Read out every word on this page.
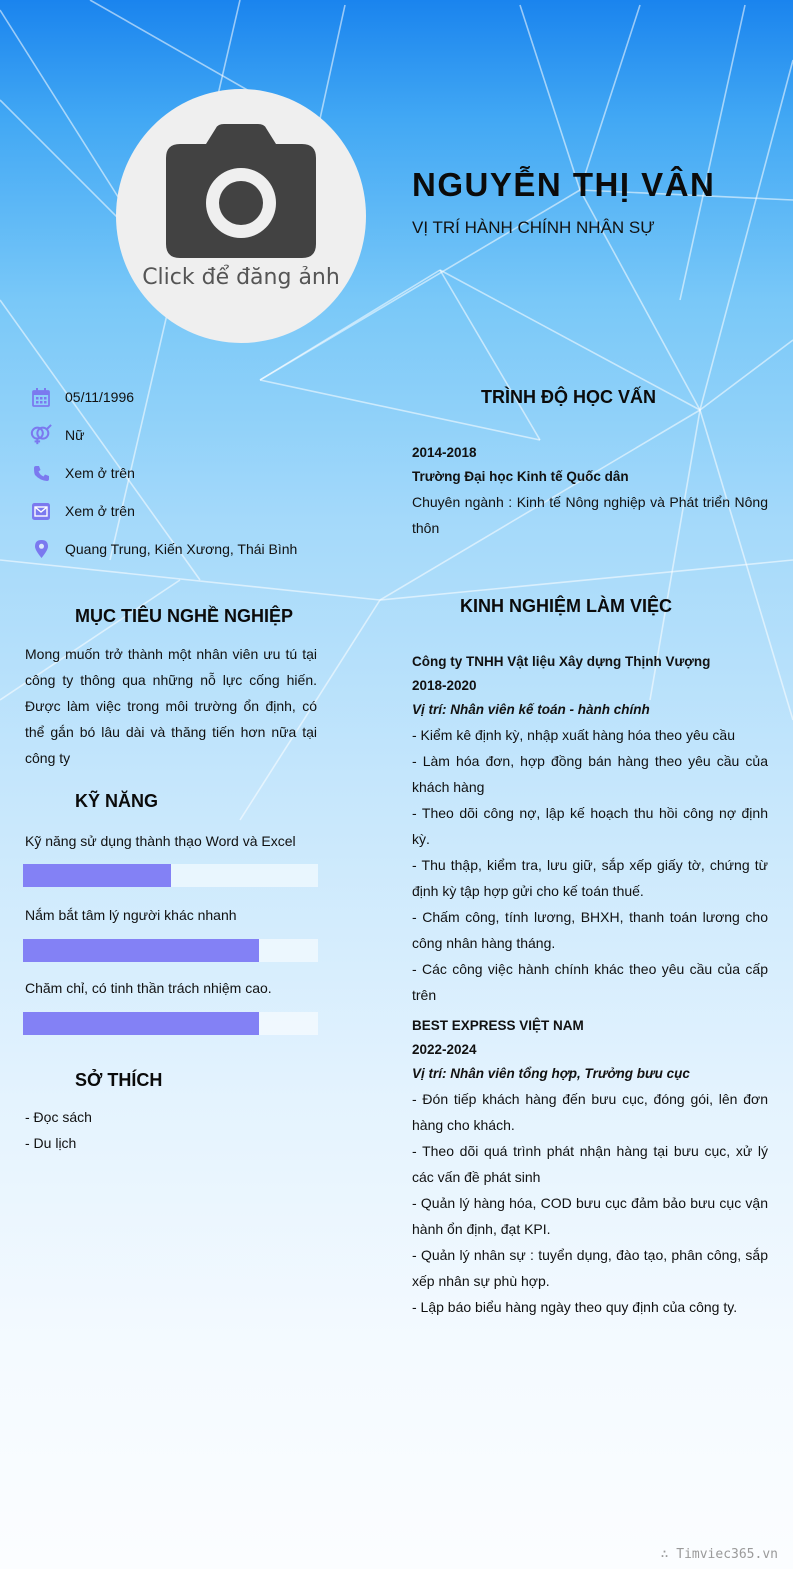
Click để đăng ảnh
NGUYỄN THỊ VÂN
VỊ TRÍ HÀNH CHÍNH NHÂN SỰ
05/11/1996
Nữ
Xem ở trên
Xem ở trên
Quang Trung, Kiến Xương, Thái Bình
MỤC TIÊU NGHỀ NGHIỆP
Mong muốn trở thành một nhân viên ưu tú tại công ty thông qua những nỗ lực cống hiến. Được làm việc trong môi trường ổn định, có thể gắn bó lâu dài và thăng tiến hơn nữa tại công ty
KỸ NĂNG
Kỹ năng sử dụng thành thạo Word và Excel
Nắm bắt tâm lý người khác nhanh
Chăm chỉ, có tinh thần trách nhiệm cao.
SỞ THÍCH
- Đọc sách
- Du lịch
TRÌNH ĐỘ HỌC VẤN
2014-2018
Trường Đại học Kinh tế Quốc dân
Chuyên ngành : Kinh tế Nông nghiệp và Phát triển Nông thôn
KINH NGHIỆM LÀM VIỆC
Công ty TNHH Vật liệu Xây dựng Thịnh Vượng
2018-2020
Vị trí: Nhân viên kế toán - hành chính
- Kiểm kê định kỳ, nhập xuất hàng hóa theo yêu cầu
- Làm hóa đơn, hợp đồng bán hàng theo yêu cầu của khách hàng
- Theo dõi công nợ, lập kế hoạch thu hồi công nợ định kỳ.
- Thu thập, kiểm tra, lưu giữ, sắp xếp giấy tờ, chứng từ định kỳ tập hợp gửi cho kế toán thuế.
- Chấm công, tính lương, BHXH, thanh toán lương cho công nhân hàng tháng.
- Các công việc hành chính khác theo yêu cầu của cấp trên
BEST EXPRESS VIỆT NAM
2022-2024
Vị trí: Nhân viên tổng hợp, Trưởng bưu cục
- Đón tiếp khách hàng đến bưu cục, đóng gói, lên đơn hàng cho khách.
- Theo dõi quá trình phát nhận hàng tại bưu cục, xử lý các vấn đề phát sinh
- Quản lý hàng hóa, COD bưu cục đảm bảo bưu cục vận hành ổn định, đạt KPI.
- Quản lý nhân sự : tuyển dụng, đào tạo, phân công, sắp xếp nhân sự phù hợp.
- Lập báo biểu hàng ngày theo quy định của công ty.
∴ Timviec365.vn
